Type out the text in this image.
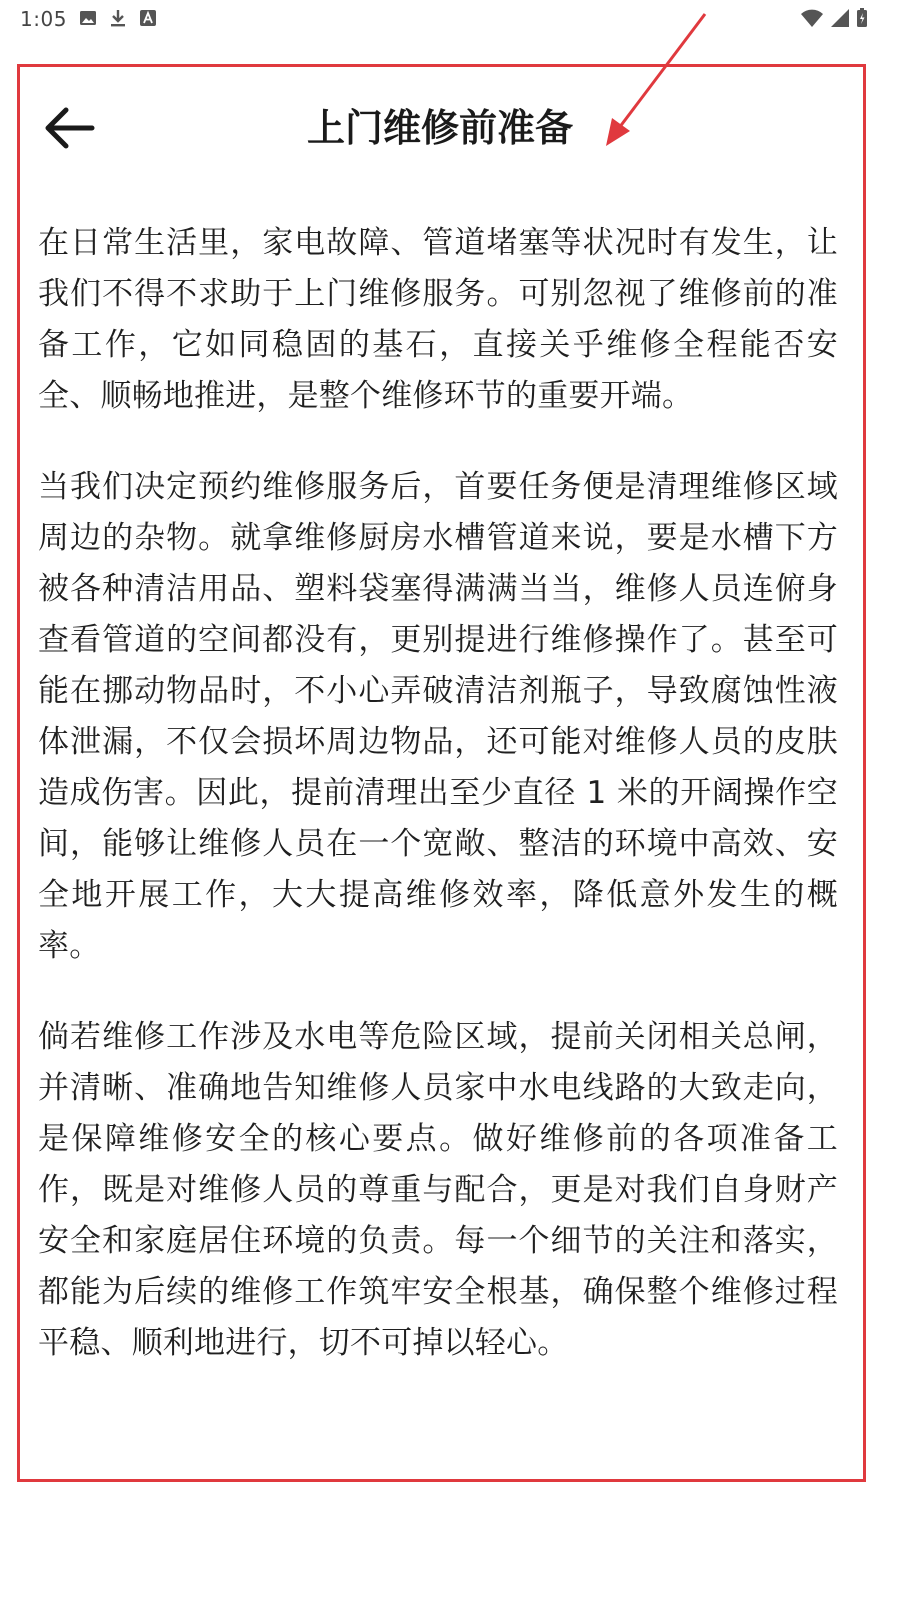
1:05
上门维修前准备

在日常生活里，家电故障、管道堵塞等状况时有发生，让我们不得不求助于上门维修服务。可别忽视了维修前的准备工作，它如同稳固的基石，直接关乎维修全程能否安全、顺畅地推进，是整个维修环节的重要开端。

当我们决定预约维修服务后，首要任务便是清理维修区域周边的杂物。就拿维修厨房水槽管道来说，要是水槽下方被各种清洁用品、塑料袋塞得满满当当，维修人员连俯身查看管道的空间都没有，更别提进行维修操作了。甚至可能在挪动物品时，不小心弄破清洁剂瓶子，导致腐蚀性液体泄漏，不仅会损坏周边物品，还可能对维修人员的皮肤造成伤害。因此，提前清理出至少直径 1 米的开阔操作空间，能够让维修人员在一个宽敞、整洁的环境中高效、安全地开展工作，大大提高维修效率，降低意外发生的概率。

倘若维修工作涉及水电等危险区域，提前关闭相关总闸，并清晰、准确地告知维修人员家中水电线路的大致走向，是保障维修安全的核心要点。做好维修前的各项准备工作，既是对维修人员的尊重与配合，更是对我们自身财产安全和家庭居住环境的负责。每一个细节的关注和落实，都能为后续的维修工作筑牢安全根基，确保整个维修过程平稳、顺利地进行，切不可掉以轻心。
